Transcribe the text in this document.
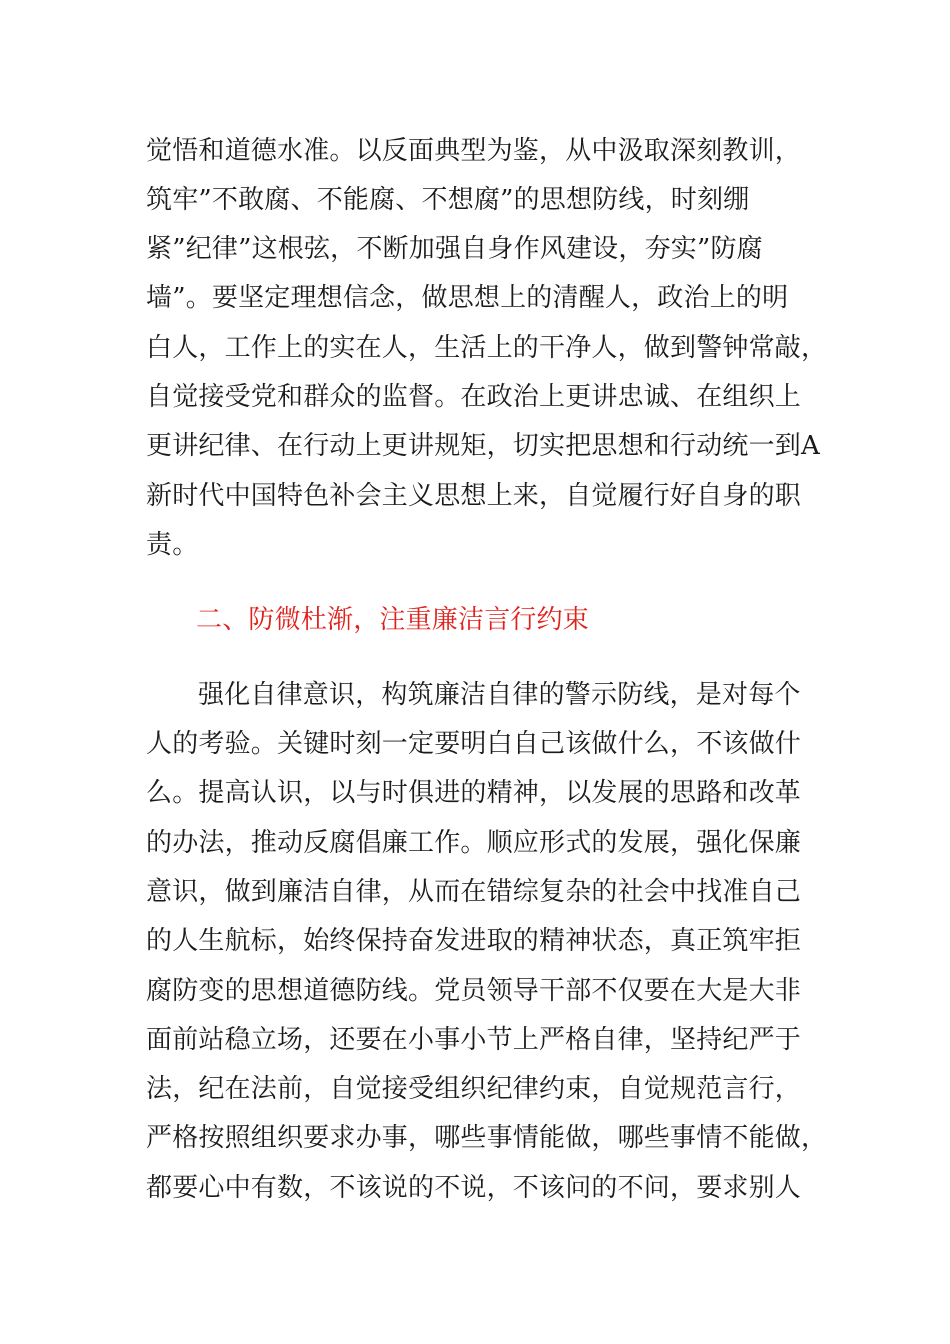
觉悟和道德水准。以反面典型为鉴，从中汲取深刻教训，
筑牢”不敢腐、不能腐、不想腐”的思想防线，时刻绷
紧”纪律”这根弦，不断加强自身作风建设，夯实”防腐
墙”。要坚定理想信念，做思想上的清醒人，政治上的明
白人，工作上的实在人，生活上的干净人，做到警钟常敲，
自觉接受党和群众的监督。在政治上更讲忠诚、在组织上
更讲纪律、在行动上更讲规矩，切实把思想和行动统一到A
新时代中国特色补会主义思想上来，自觉履行好自身的职
责。
二、防微杜渐，注重廉洁言行约束
强化自律意识，构筑廉洁自律的警示防线，是对每个
人的考验。关键时刻一定要明白自己该做什么，不该做什
么。提高认识，以与时俱进的精神，以发展的思路和改革
的办法，推动反腐倡廉工作。顺应形式的发展，强化保廉
意识，做到廉洁自律，从而在错综复杂的社会中找准自己
的人生航标，始终保持奋发进取的精神状态，真正筑牢拒
腐防变的思想道德防线。党员领导干部不仅要在大是大非
面前站稳立场，还要在小事小节上严格自律，坚持纪严于
法，纪在法前，自觉接受组织纪律约束，自觉规范言行，
严格按照组织要求办事，哪些事情能做，哪些事情不能做，
都要心中有数，不该说的不说，不该问的不问，要求别人
